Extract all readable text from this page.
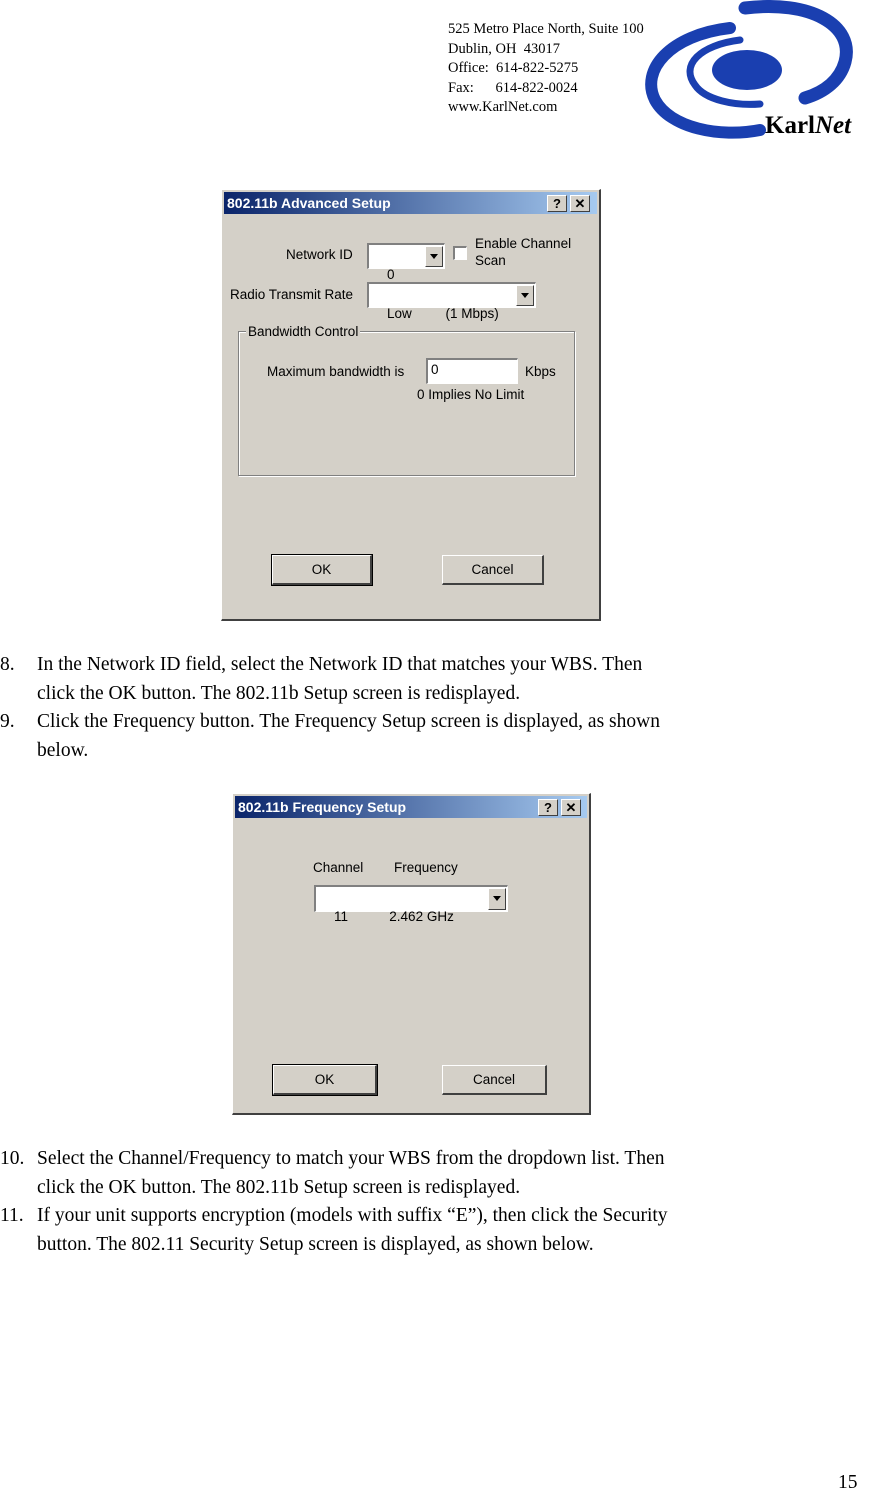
525 Metro Place North, Suite 100
Dublin, OH  43017
Office:  614-822-5275
Fax:      614-822-0024
www.KarlNet.com
KarlNet
802.11b Advanced Setup	?	✕
Network ID

0

Enable Channel
Scan
Radio Transmit Rate

Low         (1 Mbps)

Bandwidth Control
Maximum bandwidth is	0	Kbps
0 Implies No Limit
OK	Cancel
8. In the Network ID field, select the Network ID that matches your WBS. Then
click the OK button. The 802.11b Setup screen is redisplayed.
9. Click the Frequency button. The Frequency Setup screen is displayed, as shown
below.
802.11b Frequency Setup	?	✕
Channel Frequency

11           2.462 GHz

OK	Cancel
10. Select the Channel/Frequency to match your WBS from the dropdown list. Then
click the OK button. The 802.11b Setup screen is redisplayed.
11. If your unit supports encryption (models with suffix “E”), then click the Security
button. The 802.11 Security Setup screen is displayed, as shown below.
15
